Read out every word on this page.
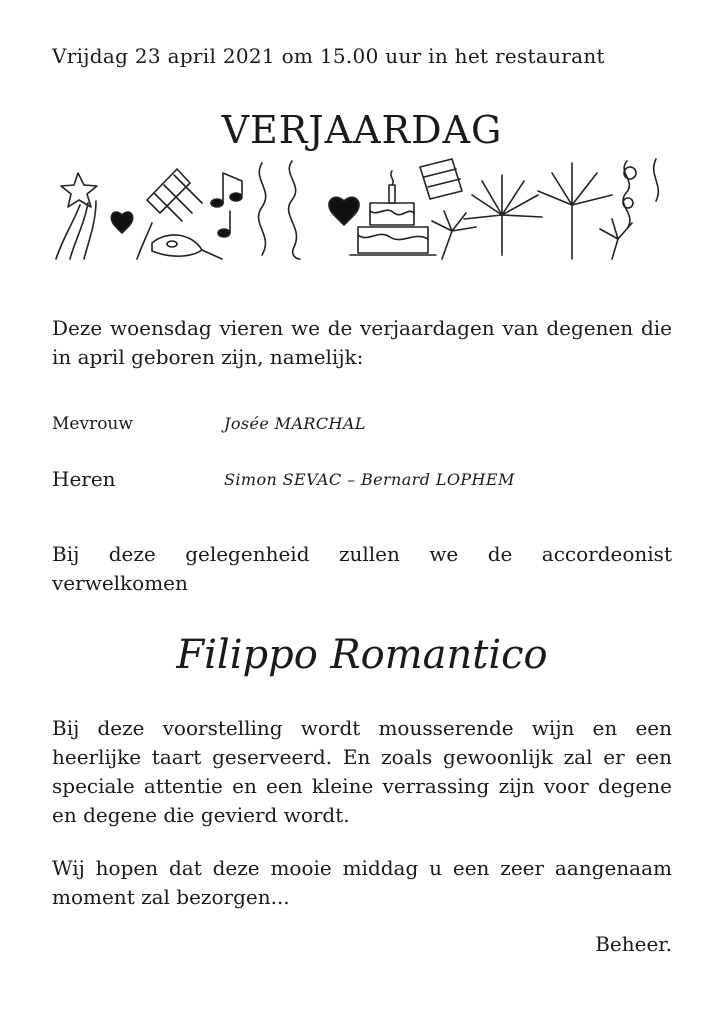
Vrijdag 23 april 2021 om 15.00 uur in het restaurant
VERJAARDAG
Deze woensdag vieren we de verjaardagen van degenen die in april geboren zijn, namelijk:
Mevrouw	Josée MARCHAL
Heren	Simon SEVAC – Bernard LOPHEM
Bij deze gelegenheid zullen we de accordeonist
verwelkomen
Filippo Romantico
Bij deze voorstelling wordt mousserende wijn en een heerlijke taart geserveerd. En zoals gewoonlijk zal er een speciale attentie en een kleine verrassing zijn voor degene en degene die gevierd wordt.
Wij hopen dat deze mooie middag u een zeer aangenaam moment zal bezorgen...
Beheer.
